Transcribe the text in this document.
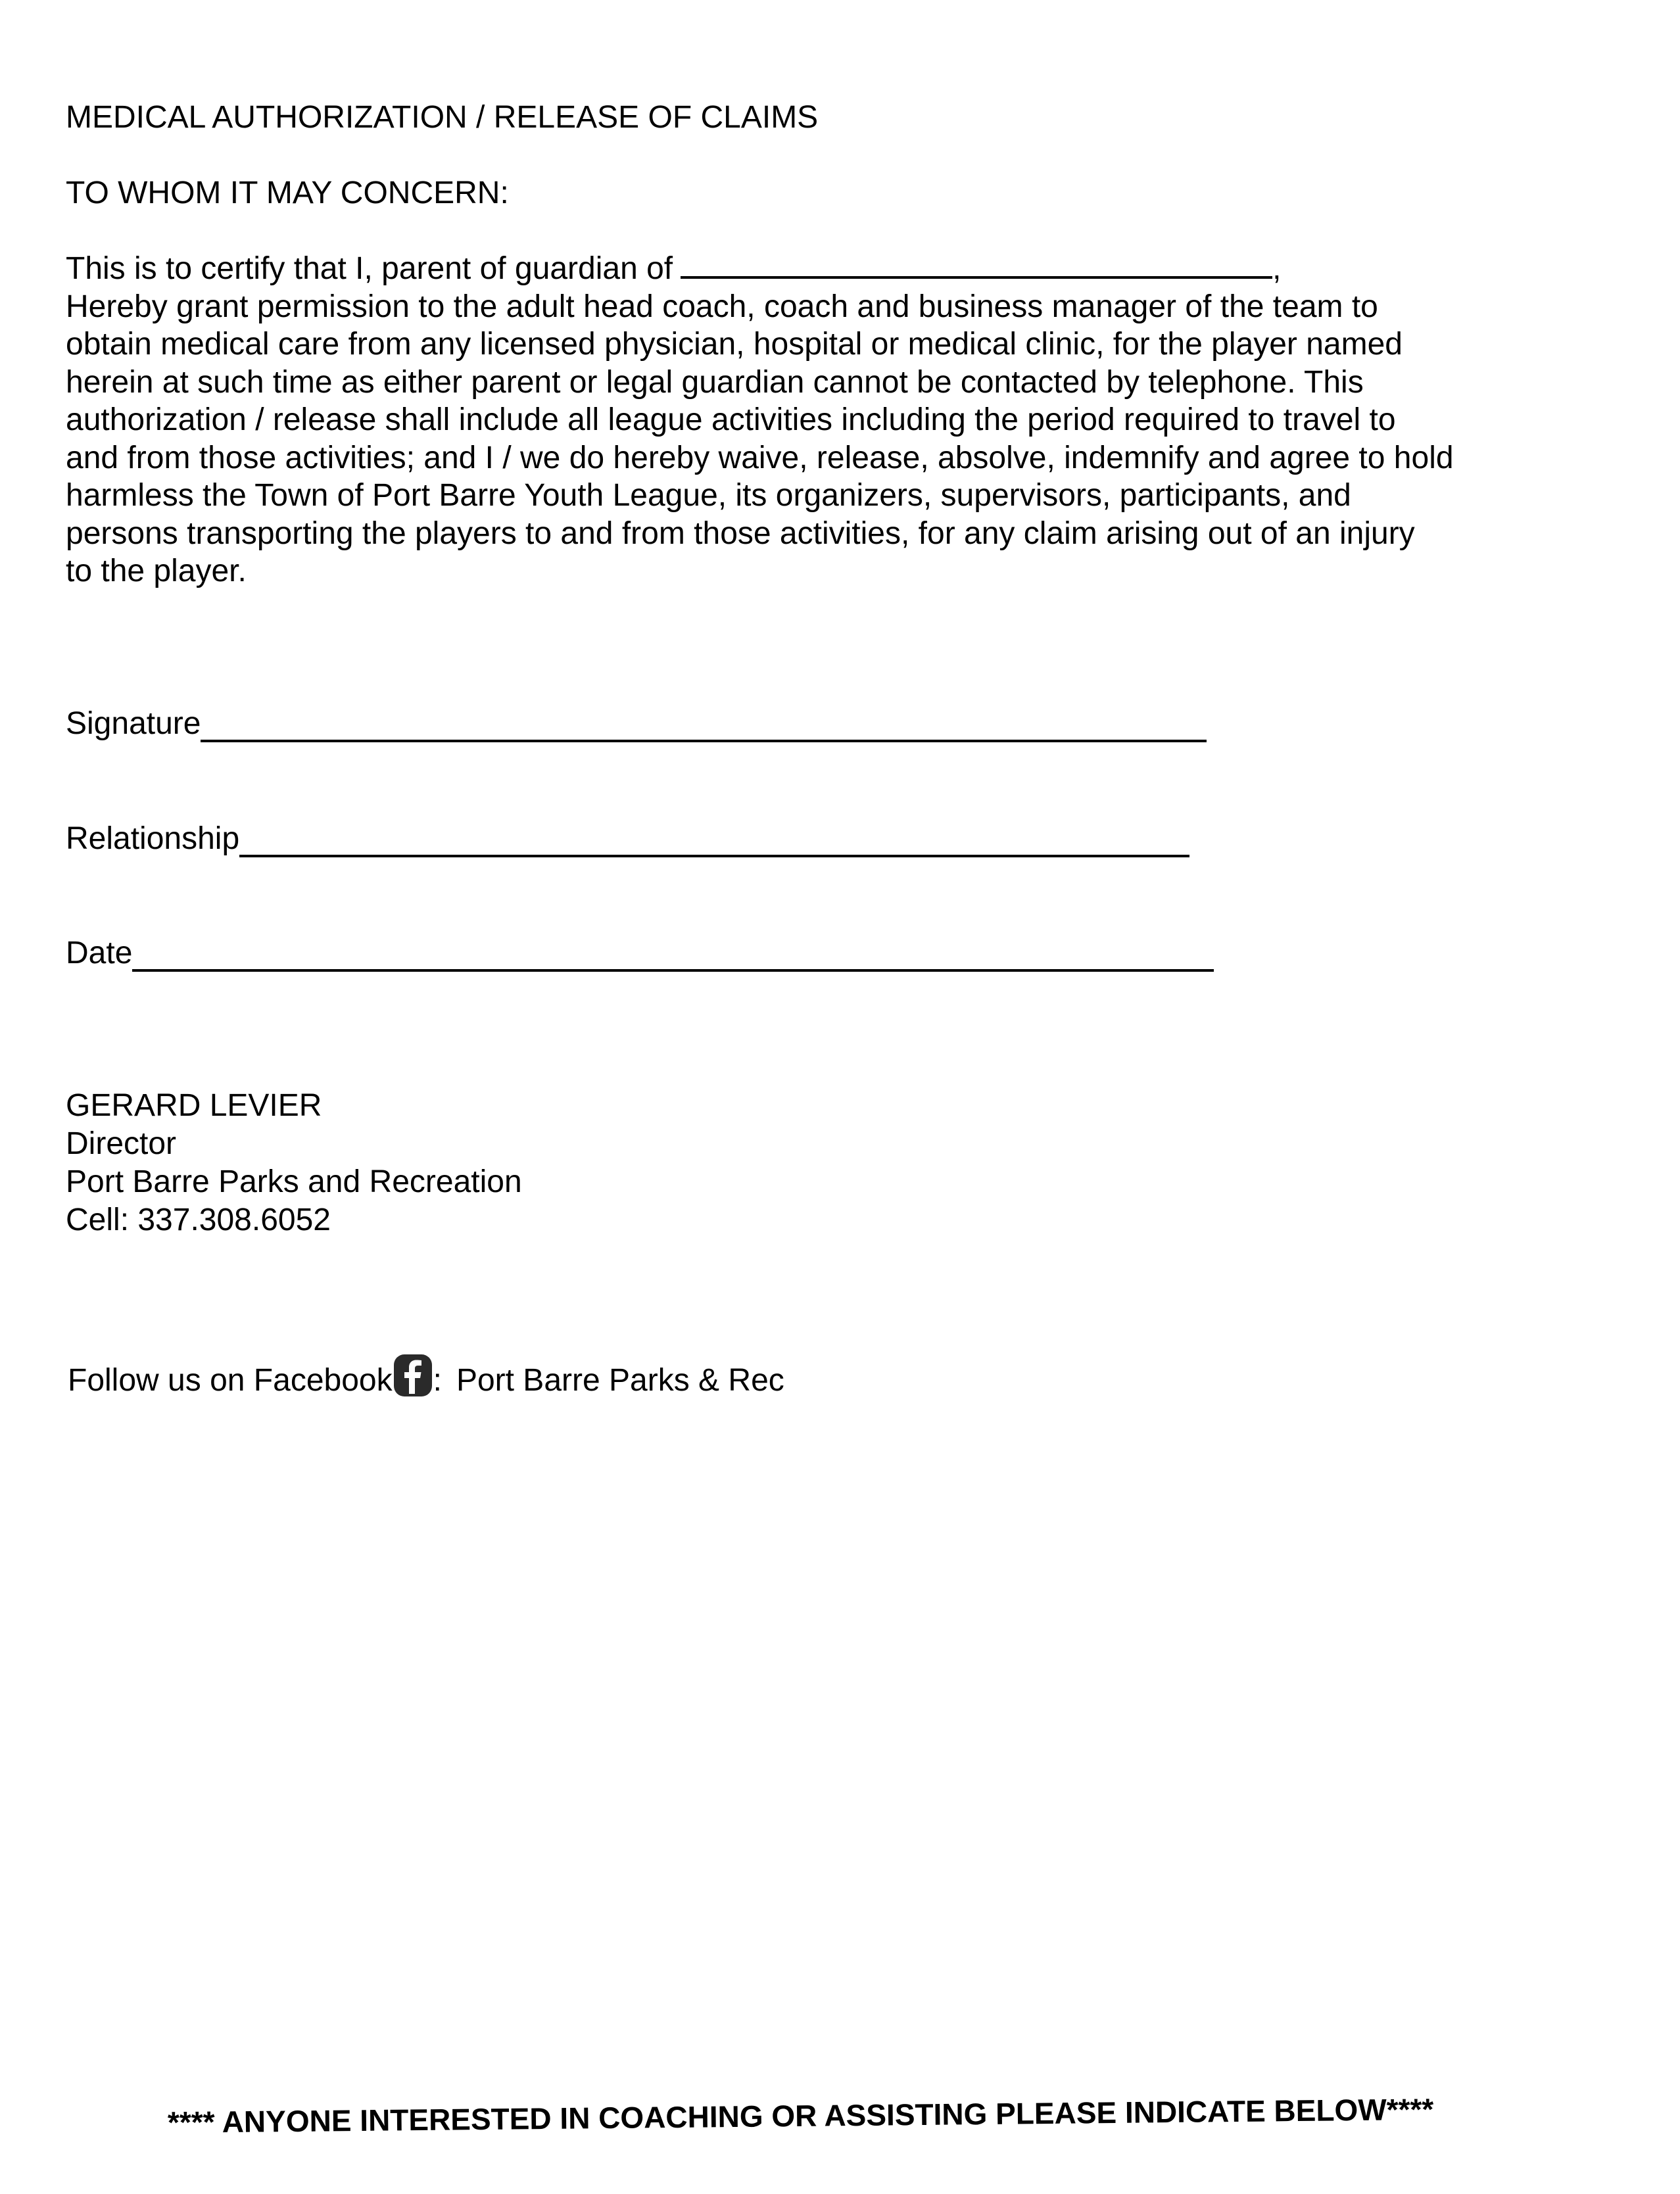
MEDICAL AUTHORIZATION / RELEASE OF CLAIMS
TO WHOM IT MAY CONCERN:
This is to certify that I, parent of guardian of	,
Hereby grant permission to the adult head coach, coach and business manager of the team to
obtain medical care from any licensed physician, hospital or medical clinic, for the player named
herein at such time as either parent or legal guardian cannot be contacted by telephone. This
authorization / release shall include all league activities including the period required to travel to
and from those activities; and I / we do hereby waive, release, absolve, indemnify and agree to hold
harmless the Town of Port Barre Youth League, its organizers, supervisors, participants, and
persons transporting the players to and from those activities, for any claim arising out of an injury
to the player.
Signature
Relationship
Date
GERARD LEVIER
Director
Port Barre Parks and Recreation
Cell: 337.308.6052
Follow us on Facebook : Port Barre Parks & Rec
**** ANYONE INTERESTED IN COACHING OR ASSISTING PLEASE INDICATE BELOW****
